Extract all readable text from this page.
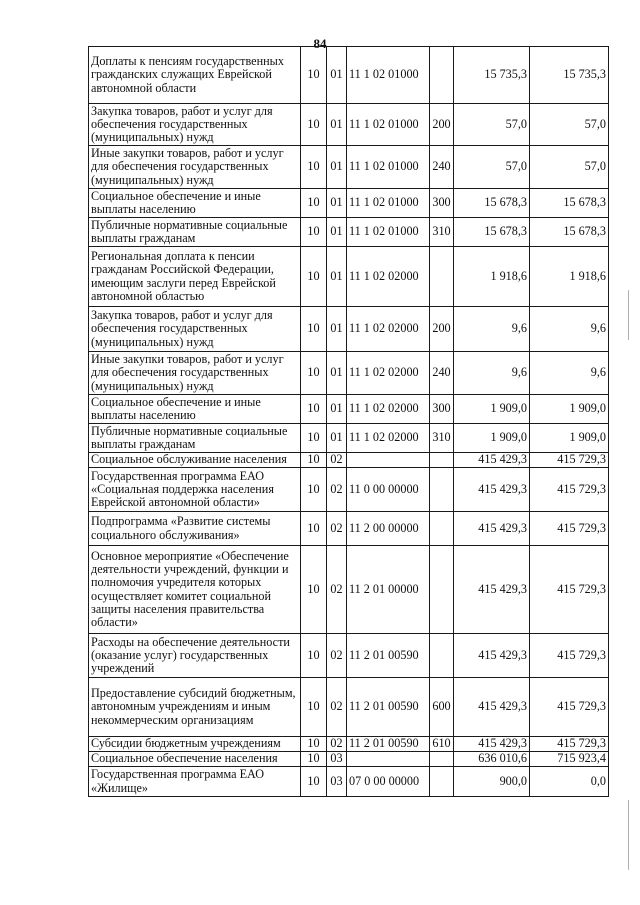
84
Доплаты к пенсиям государственных гражданских служащих Еврейской автономной области	10	01	11 1 02 01000		15 735,3	15 735,3
Закупка товаров, работ и услуг для обеспечения государственных (муниципальных) нужд	10	01	11 1 02 01000	200	57,0	57,0
Иные закупки товаров, работ и услуг для обеспечения государственных (муниципальных) нужд	10	01	11 1 02 01000	240	57,0	57,0
Социальное обеспечение и иные выплаты населению	10	01	11 1 02 01000	300	15 678,3	15 678,3
Публичные нормативные социальные выплаты гражданам	10	01	11 1 02 01000	310	15 678,3	15 678,3
Региональная доплата к пенсии гражданам Российской Федерации, имеющим заслуги перед Еврейской автономной областью	10	01	11 1 02 02000		1 918,6	1 918,6
Закупка товаров, работ и услуг для обеспечения государственных (муниципальных) нужд	10	01	11 1 02 02000	200	9,6	9,6
Иные закупки товаров, работ и услуг для обеспечения государственных (муниципальных) нужд	10	01	11 1 02 02000	240	9,6	9,6
Социальное обеспечение и иные выплаты населению	10	01	11 1 02 02000	300	1 909,0	1 909,0
Публичные нормативные социальные выплаты гражданам	10	01	11 1 02 02000	310	1 909,0	1 909,0
Социальное обслуживание населения	10	02			415 429,3	415 729,3
Государственная программа ЕАО «Социальная поддержка населения Еврейской автономной области»	10	02	11 0 00 00000		415 429,3	415 729,3
Подпрограмма «Развитие системы социального обслуживания»	10	02	11 2 00 00000		415 429,3	415 729,3
Основное мероприятие «Обеспечение деятельности учреждений, функции и полномочия учредителя которых осуществляет комитет социальной защиты населения правительства области»	10	02	11 2 01 00000		415 429,3	415 729,3
Расходы на обеспечение деятельности (оказание услуг) государственных учреждений	10	02	11 2 01 00590		415 429,3	415 729,3
Предоставление субсидий бюджетным, автономным учреждениям и иным некоммерческим организациям	10	02	11 2 01 00590	600	415 429,3	415 729,3
Субсидии бюджетным учреждениям	10	02	11 2 01 00590	610	415 429,3	415 729,3
Социальное обеспечение населения	10	03			636 010,6	715 923,4
Государственная программа ЕАО «Жилище»	10	03	07 0 00 00000		900,0	0,0
